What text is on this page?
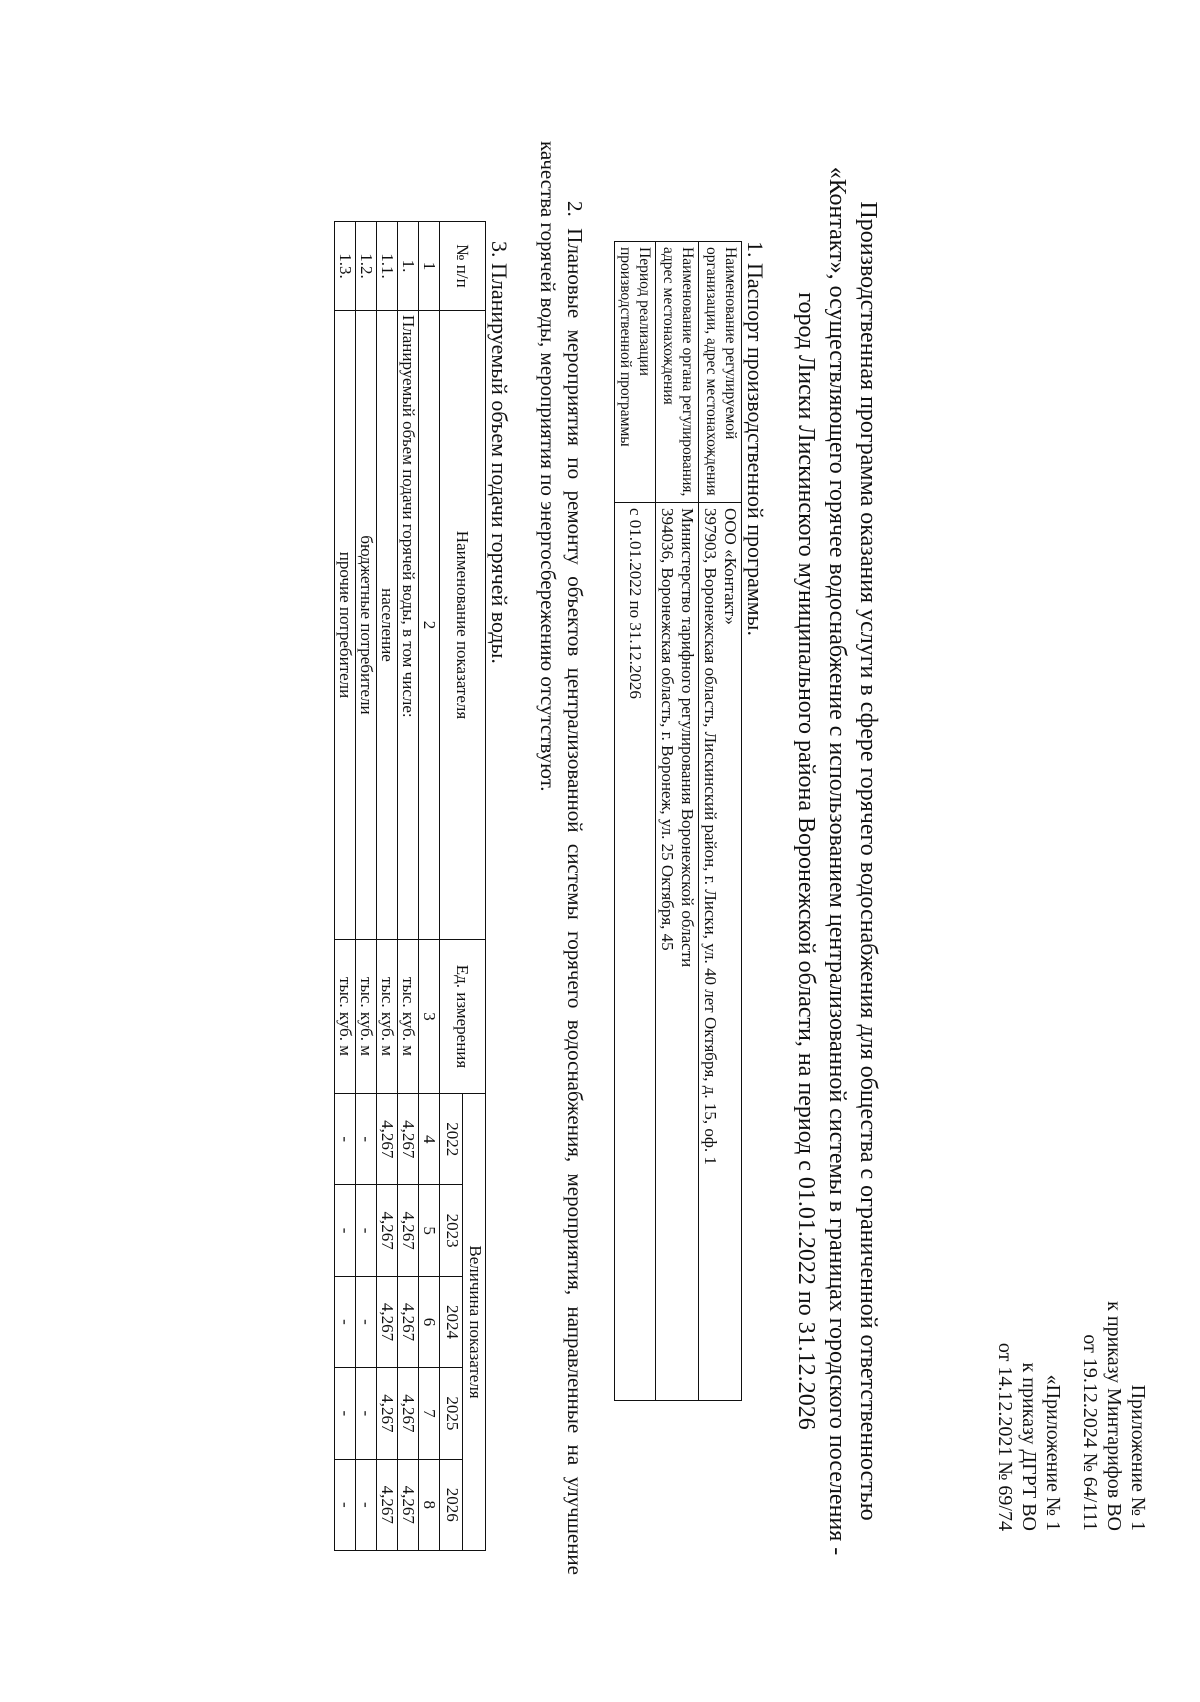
Приложение № 1
к приказу Минтарифов ВО
от 19.12.2024 № 64/111
«Приложение № 1
к приказу ДГРТ ВО
от 14.12.2021 № 69/74
Производственная программа оказания услуги в сфере горячего водоснабжения для общества с ограниченной ответственностью «Контакт», осуществляющего горячее водоснабжение с использованием централизованной системы в границах городского поселения - город Лиски Лискинского муниципального района Воронежской области, на период с 01.01.2022 по 31.12.2026
1. Паспорт производственной программы.
Наименование регулируемой организации, адрес местонахождения	ООО «Контакт»
397903, Воронежская область, Лискинский район, г. Лиски, ул. 40 лет Октября, д. 15, оф. 1
Наименование органа регулирования, адрес местонахождения	Министерство тарифного регулирования Воронежской области
394036, Воронежская область, г. Воронеж, ул. 25 Октября, 45
Период реализации производственной программы	с 01.01.2022 по 31.12.2026
2. Плановые мероприятия по ремонту объектов централизованной системы горячего водоснабжения, мероприятия, направленные на улучшение качества горячей воды, мероприятия по энергосбережению отсутствуют.
3. Планируемый объем подачи горячей воды.
№ п/п	Наименование показателя	Ед. измерения	Величина показателя				
			2022	2023	2024	2025	2026
1	2	3	4	5	6	7	8
1.	Планируемый объем подачи горячей воды, в том числе:	тыс. куб. м	4,267	4,267	4,267	4,267	4,267
1.1.	население	тыс. куб. м	4,267	4,267	4,267	4,267	4,267
1.2.	бюджетные потребители	тыс. куб. м	-	-	-	-	-
1.3.	прочие потребители	тыс. куб. м	-	-	-	-	-
